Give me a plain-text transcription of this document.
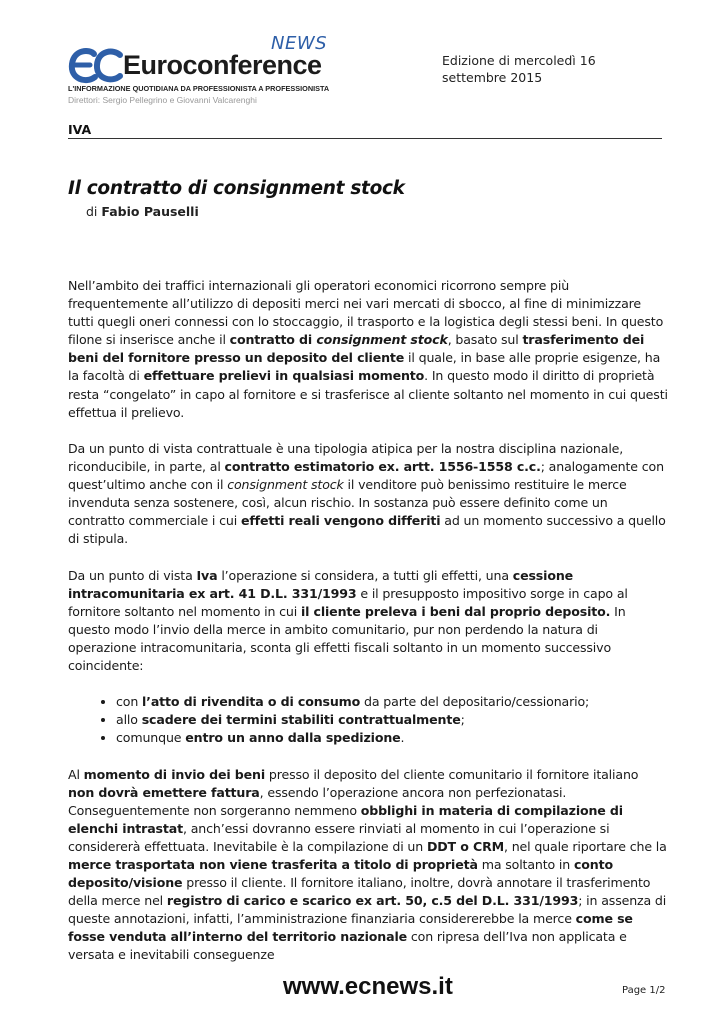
NEWS
Euroconference
L'INFORMAZIONE QUOTIDIANA DA PROFESSIONISTA A PROFESSIONISTA
Direttori: Sergio Pellegrino e Giovanni Valcarenghi
Edizione di mercoledì 16 settembre 2015
IVA
Il contratto di consignment stock
di Fabio Pauselli

Nell’ambito dei traffici internazionali gli operatori economici ricorrono sempre più frequentemente all’utilizzo di depositi merci nei vari mercati di sbocco, al fine di minimizzare tutti quegli oneri connessi con lo stoccaggio, il trasporto e la logistica degli stessi beni. In questo filone si inserisce anche il contratto di consignment stock, basato sul trasferimento dei beni del fornitore presso un deposito del cliente il quale, in base alle proprie esigenze, ha la facoltà di effettuare prelievi in qualsiasi momento. In questo modo il diritto di proprietà resta “congelato” in capo al fornitore e si trasferisce al cliente soltanto nel momento in cui questi effettua il prelievo.

Da un punto di vista contrattuale è una tipologia atipica per la nostra disciplina nazionale, riconducibile, in parte, al contratto estimatorio ex. artt. 1556-1558 c.c.; analogamente con quest’ultimo anche con il consignment stock il venditore può benissimo restituire le merce invenduta senza sostenere, così, alcun rischio. In sostanza può essere definito come un contratto commerciale i cui effetti reali vengono differiti ad un momento successivo a quello di stipula.

Da un punto di vista Iva l’operazione si considera, a tutti gli effetti, una cessione intracomunitaria ex art. 41 D.L. 331/1993 e il presupposto impositivo sorge in capo al fornitore soltanto nel momento in cui il cliente preleva i beni dal proprio deposito. In questo modo l’invio della merce in ambito comunitario, pur non perdendo la natura di operazione intracomunitaria, sconta gli effetti fiscali soltanto in un momento successivo coincidente:

• con l’atto di rivendita o di consumo da parte del depositario/cessionario;
• allo scadere dei termini stabiliti contrattualmente;
• comunque entro un anno dalla spedizione.

Al momento di invio dei beni presso il deposito del cliente comunitario il fornitore italiano non dovrà emettere fattura, essendo l’operazione ancora non perfezionatasi. Conseguentemente non sorgeranno nemmeno obblighi in materia di compilazione di elenchi intrastat, anch’essi dovranno essere rinviati al momento in cui l’operazione si considererà effettuata. Inevitabile è la compilazione di un DDT o CRM, nel quale riportare che la merce trasportata non viene trasferita a titolo di proprietà ma soltanto in conto deposito/visione presso il cliente. Il fornitore italiano, inoltre, dovrà annotare il trasferimento della merce nel registro di carico e scarico ex art. 50, c.5 del D.L. 331/1993; in assenza di queste annotazioni, infatti, l’amministrazione finanziaria considererebbe la merce come se fosse venduta all’interno del territorio nazionale con ripresa dell’Iva non applicata e versata e inevitabili conseguenze

www.ecnews.it	Page 1/2
